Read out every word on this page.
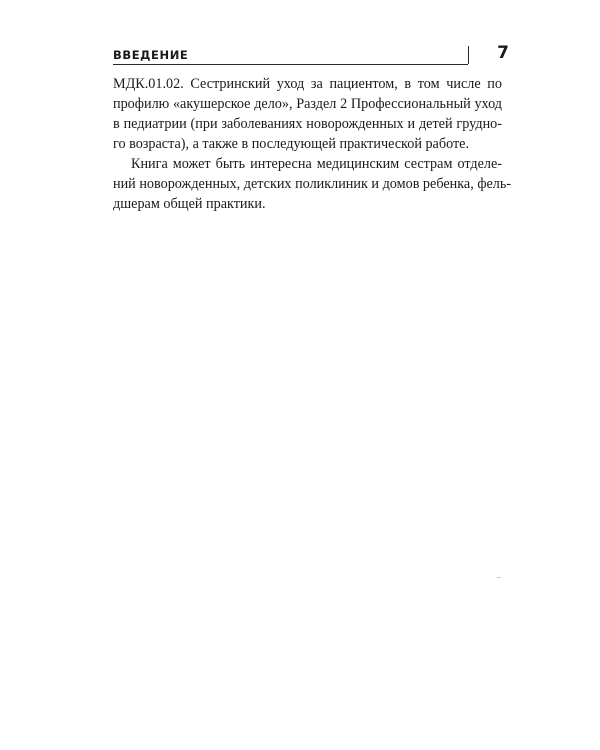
ВВЕДЕНИЕ	7

МДК.01.02. Сестринский уход за пациентом, в том числе по
профилю «акушерское дело», Раздел 2 Профессиональный уход
в педиатрии (при заболеваниях новорожденных и детей грудно-
го возраста), а также в последующей практической работе.

Книга может быть интересна медицинским сестрам отделе-
ний новорожденных, детских поликлиник и домов ребенка, фель-
дшерам общей практики.
